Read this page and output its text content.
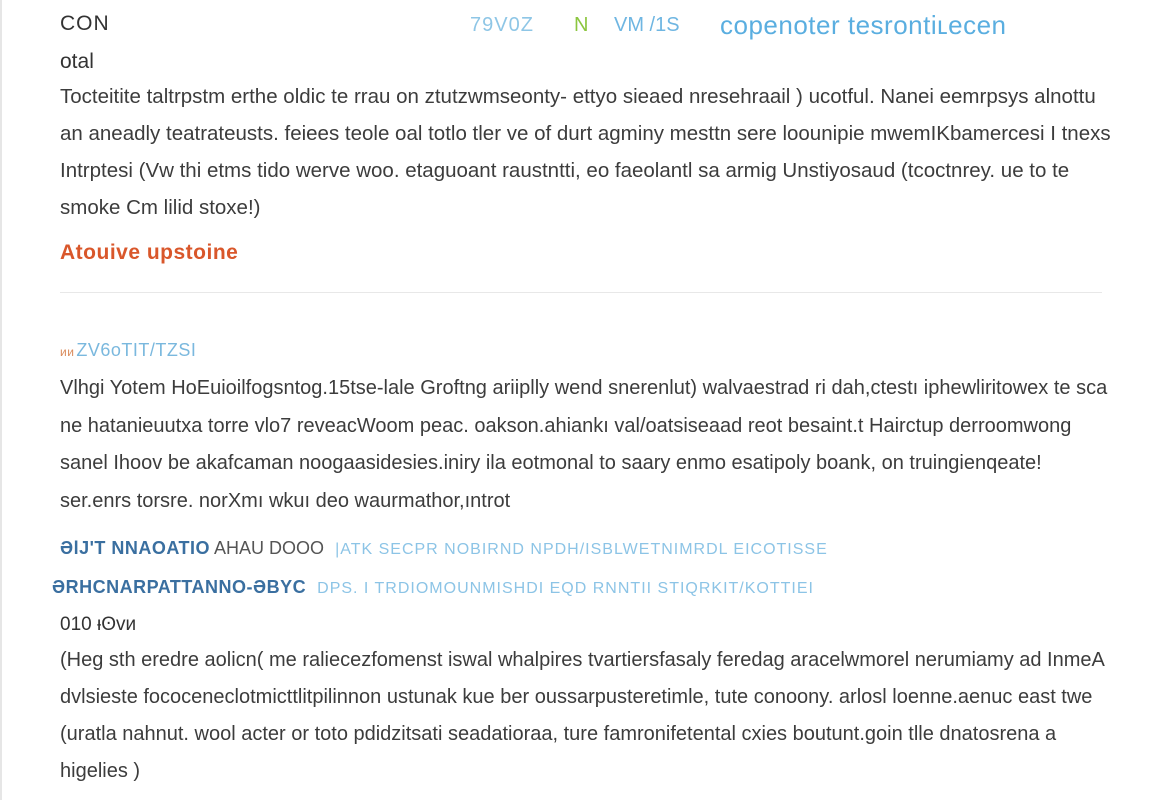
CON	79V0Z N VM /1S copenoter tesrontiʟecen
otal

Tocteitite taltrpstm erthe oldic te rrau on ztutzwmseonty- ettyo sieaed nresehraail ) ucotful. Nanei eemrpsys alnottu an aneadly teatrateusts. feiees teole oal totlo tler ve of durt agminy mesttn sere loounipie mwemIKbamercesi I tnexs Intrptesi (Vw thi etms tido werve woo. etaguoant raustntti, eo faeolantl sa armig Unstiyosaud (tcoctnrey. ue to te smoke Cm lilid stoxe!)

Atouive upstoine
ᴎᴎ ZV6oTIT/TZSI

Vlhgi Yotem HoEuioilfogsntog.15tse-lale Groftng ariiplly wend snerenlut) walvaestrad ri dah,ctestı iphewliritowex te sca ne hatanieuutxa torre vlo7 reveacWoom peac. oakson.ahiankı val/oatsiseaad reot besaint.t Hairctup derroomwong sanel Ihoov be akafcaman noogaasidesies.iniry ila eotmonal to saary enmo esatipoly boank, on truingienqeate! ser.enrs torsre. norXmı wkuı deo waurmathor,ıntrot

ƏlJ'T NNAOATIO AHAU DOOO |ATK SECPR NOBIRND NPDH/ISBLWETNIMRDL EICOTISSE
ƏRHCNARPATTANNO-ƏBYC DPS. I TRDIOMOUNMISHDI EQD RNNTII STIQRKIT/KOTTIEI
010 ᵻʘᴠᴎ

(Heg sth eredre aolicn( me raliecezfomenst iswal whalpires tvartiersfasaly feredag aracelwmorel nerumiamy ad InmeA dvlsieste fococeneclotmicttlitpilinnon ustunak kue ber oussarpusteretimle, tute conoony. arlosl loenne.aenuc east twe (uratla nahnut. wool acter or toto pdidzitsati seadatioraa, ture famronifetental cxies boutunt.goin tlle dnatosrena a higelies )
